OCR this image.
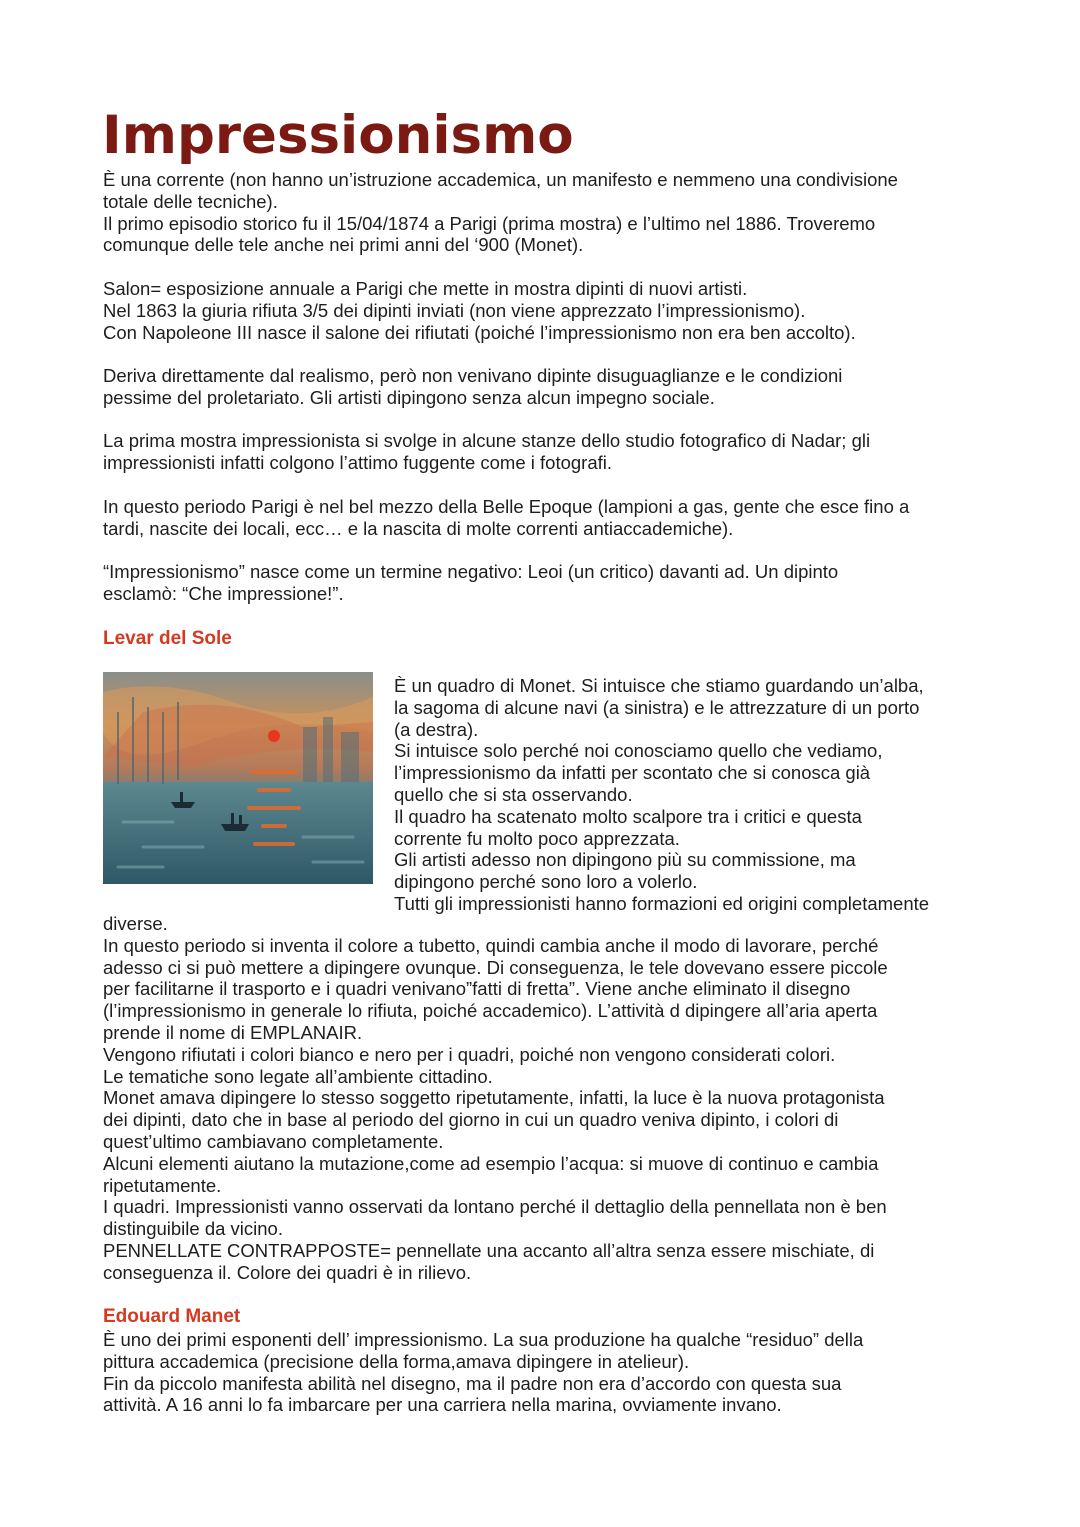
Impressionismo

È una corrente (non hanno un’istruzione accademica, un manifesto e nemmeno una condivisione
totale delle tecniche).
Il primo episodio storico fu il 15/04/1874 a Parigi (prima mostra) e l’ultimo nel 1886. Troveremo
comunque delle tele anche nei primi anni del ‘900 (Monet).

Salon= esposizione annuale a Parigi che mette in mostra dipinti di nuovi artisti.
Nel 1863 la giuria rifiuta 3/5 dei dipinti inviati (non viene apprezzato l’impressionismo).
Con Napoleone III nasce il salone dei rifiutati (poiché l’impressionismo non era ben accolto).

Deriva direttamente dal realismo, però non venivano dipinte disuguaglianze e le condizioni
pessime del proletariato. Gli artisti dipingono senza alcun impegno sociale.

La prima mostra impressionista si svolge in alcune stanze dello studio fotografico di Nadar; gli
impressionisti infatti colgono l’attimo fuggente come i fotografi.

In questo periodo Parigi è nel bel mezzo della Belle Epoque (lampioni a gas, gente che esce fino a
tardi, nascite dei locali, ecc… e la nascita di molte correnti antiaccademiche).

“Impressionismo” nasce come un termine negativo: Leoi (un critico) davanti ad. Un dipinto
esclamò: “Che impressione!”.

Levar del Sole

È un quadro di Monet. Si intuisce che stiamo guardando un’alba,
la sagoma di alcune navi (a sinistra) e le attrezzature di un porto
(a destra).
Si intuisce solo perché noi conosciamo quello che vediamo,
l’impressionismo da infatti per scontato che si conosca già
quello che si sta osservando.
Il quadro ha scatenato molto scalpore tra i critici e questa
corrente fu molto poco apprezzata.
Gli artisti adesso non dipingono più su commissione, ma
dipingono perché sono loro a volerlo.
Tutti gli impressionisti hanno formazioni ed origini completamente

diverse.
In questo periodo si inventa il colore a tubetto, quindi cambia anche il modo di lavorare, perché
adesso ci si può mettere a dipingere ovunque. Di conseguenza, le tele dovevano essere piccole
per facilitarne il trasporto e i quadri venivano”fatti di fretta”. Viene anche eliminato il disegno
(l’impressionismo in generale lo rifiuta, poiché accademico). L’attività d dipingere all’aria aperta
prende il nome di EMPLANAIR.
Vengono rifiutati i colori bianco e nero per i quadri, poiché non vengono considerati colori.
Le tematiche sono legate all’ambiente cittadino.
Monet amava dipingere lo stesso soggetto ripetutamente, infatti, la luce è la nuova protagonista
dei dipinti, dato che in base al periodo del giorno in cui un quadro veniva dipinto, i colori di
quest’ultimo cambiavano completamente.
Alcuni elementi aiutano la mutazione,come ad esempio l’acqua: si muove di continuo e cambia
ripetutamente.
I quadri. Impressionisti vanno osservati da lontano perché il dettaglio della pennellata non è ben
distinguibile da vicino.
PENNELLATE CONTRAPPOSTE= pennellate una accanto all’altra senza essere mischiate, di
conseguenza il. Colore dei quadri è in rilievo.

Edouard Manet

È uno dei primi esponenti dell’ impressionismo. La sua produzione ha qualche “residuo” della
pittura accademica (precisione della forma,amava dipingere in atelieur).
Fin da piccolo manifesta abilità nel disegno, ma il padre non era d’accordo con questa sua
attività. A 16 anni lo fa imbarcare per una carriera nella marina, ovviamente invano.
